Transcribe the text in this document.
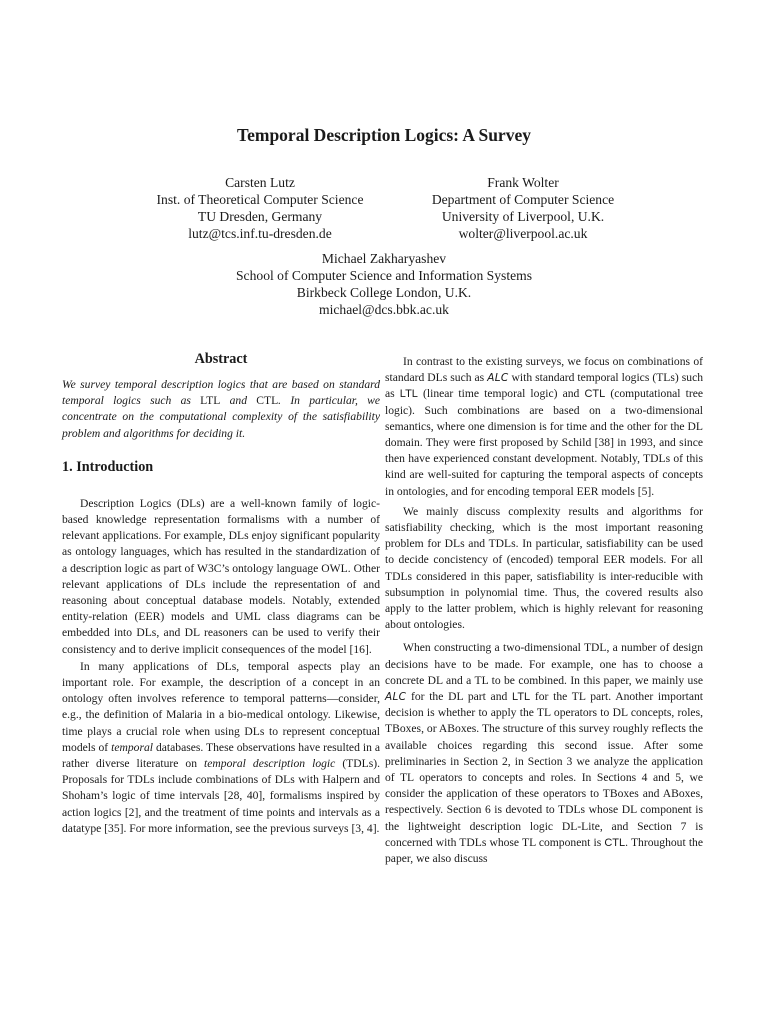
Temporal Description Logics: A Survey
Carsten Lutz
Inst. of Theoretical Computer Science
TU Dresden, Germany
lutz@tcs.inf.tu-dresden.de
Frank Wolter
Department of Computer Science
University of Liverpool, U.K.
wolter@liverpool.ac.uk
Michael Zakharyashev
School of Computer Science and Information Systems
Birkbeck College London, U.K.
michael@dcs.bbk.ac.uk
Abstract

We survey temporal description logics that are based on standard temporal logics such as LTL and CTL. In particular, we concentrate on the computational complexity of the satisfiability problem and algorithms for deciding it.

1. Introduction

Description Logics (DLs) are a well-known family of logic-based knowledge representation formalisms with a number of relevant applications. For example, DLs enjoy significant popularity as ontology languages, which has resulted in the standardization of a description logic as part of W3C’s ontology language OWL. Other relevant applications of DLs include the representation of and reasoning about conceptual database models. Notably, extended entity-relation (EER) models and UML class diagrams can be embedded into DLs, and DL reasoners can be used to verify their consistency and to derive implicit consequences of the model [16].

In many applications of DLs, temporal aspects play an important role. For example, the description of a concept in an ontology often involves reference to temporal patterns—consider, e.g., the definition of Malaria in a bio-medical ontology. Likewise, time plays a crucial role when using DLs to represent conceptual models of temporal databases. These observations have resulted in a rather diverse literature on temporal description logic (TDLs). Proposals for TDLs include combinations of DLs with Halpern and Shoham’s logic of time intervals [28, 40], formalisms inspired by action logics [2], and the treatment of time points and intervals as a datatype [35]. For more information, see the previous surveys [3, 4].

In contrast to the existing surveys, we focus on combinations of standard DLs such as ALC with standard temporal logics (TLs) such as LTL (linear time temporal logic) and CTL (computational tree logic). Such combinations are based on a two-dimensional semantics, where one dimension is for time and the other for the DL domain. They were first proposed by Schild [38] in 1993, and since then have experienced constant development. Notably, TDLs of this kind are well-suited for capturing the temporal aspects of concepts in ontologies, and for encoding temporal EER models [5].

We mainly discuss complexity results and algorithms for satisfiability checking, which is the most important reasoning problem for DLs and TDLs. In particular, satisfiability can be used to decide concistency of (encoded) temporal EER models. For all TDLs considered in this paper, satisfiability is inter-reducible with subsumption in polynomial time. Thus, the covered results also apply to the latter problem, which is highly relevant for reasoning about ontologies.

When constructing a two-dimensional TDL, a number of design decisions have to be made. For example, one has to choose a concrete DL and a TL to be combined. In this paper, we mainly use ALC for the DL part and LTL for the TL part. Another important decision is whether to apply the TL operators to DL concepts, roles, TBoxes, or ABoxes. The structure of this survey roughly reflects the available choices regarding this second issue. After some preliminaries in Section 2, in Section 3 we analyze the application of TL operators to concepts and roles. In Sections 4 and 5, we consider the application of these operators to TBoxes and ABoxes, respectively. Section 6 is devoted to TDLs whose DL component is the lightweight description logic DL-Lite, and Section 7 is concerned with TDLs whose TL component is CTL. Throughout the paper, we also discuss
